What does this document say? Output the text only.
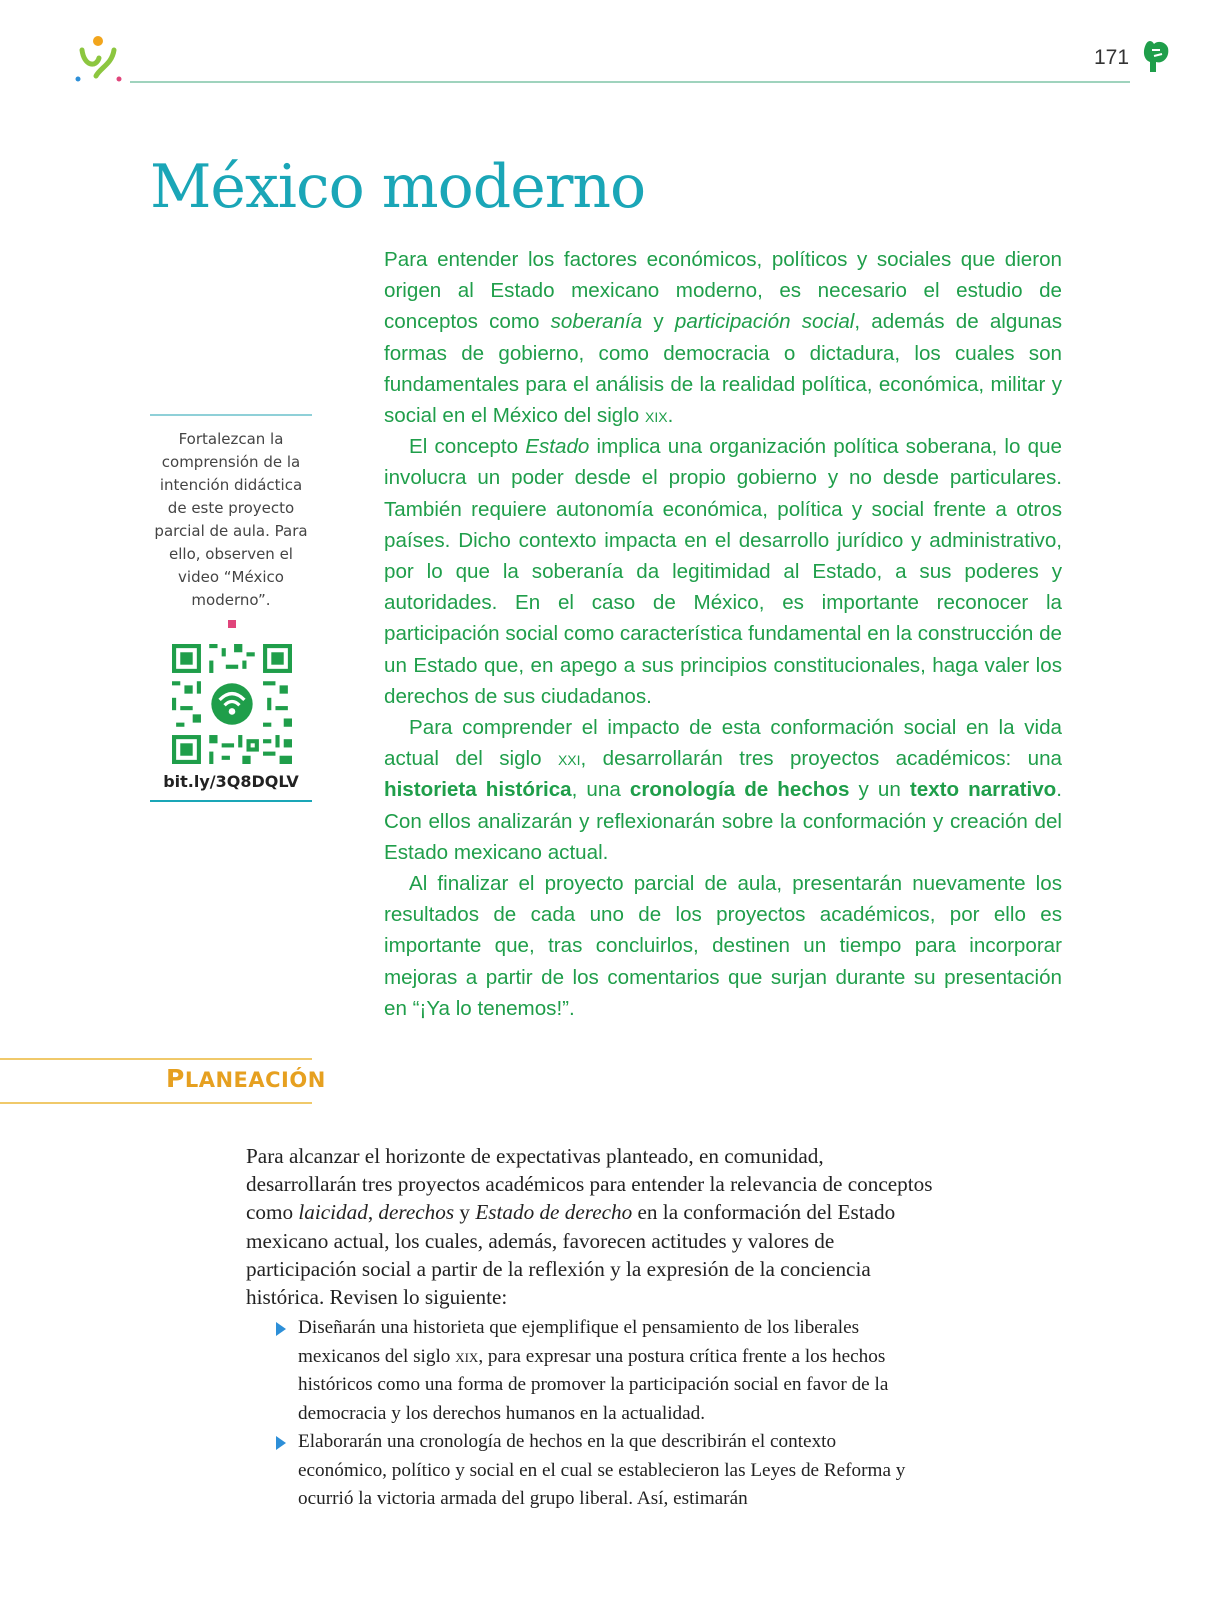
171
México moderno

Para entender los factores económicos, políticos y sociales que dieron origen al Estado mexicano moderno, es necesario el estudio de conceptos como soberanía y participación social, además de algunas formas de gobierno, como democracia o dictadura, los cuales son fundamentales para el análisis de la realidad política, económica, militar y social en el México del siglo xix.

El concepto Estado implica una organización política soberana, lo que involucra un poder desde el propio gobierno y no desde particulares. También requiere autonomía económica, política y social frente a otros países. Dicho contexto impacta en el desarrollo jurídico y administrativo, por lo que la soberanía da legitimidad al Estado, a sus poderes y autoridades. En el caso de México, es importante reconocer la participación social como característica fundamental en la construcción de un Estado que, en apego a sus principios constitucionales, haga valer los derechos de sus ciudadanos.

Para comprender el impacto de esta conformación social en la vida actual del siglo xxi, desarrollarán tres proyectos académicos: una historieta histórica, una cronología de hechos y un texto narrativo. Con ellos analizarán y reflexionarán sobre la conformación y creación del Estado mexicano actual.

Al finalizar el proyecto parcial de aula, presentarán nuevamente los resultados de cada uno de los proyectos académicos, por ello es importante que, tras concluirlos, destinen un tiempo para incorporar mejoras a partir de los comentarios que surjan durante su presentación en “¡Ya lo tenemos!”.

Fortalezcan la comprensión de la intención didáctica de este proyecto parcial de aula. Para ello, observen el video “México moderno”.

bit.ly/3Q8DQLV
PLANEACIÓN

Para alcanzar el horizonte de expectativas planteado, en comunidad, desarrollarán tres proyectos académicos para entender la relevancia de conceptos como laicidad, derechos y Estado de derecho en la conformación del Estado mexicano actual, los cuales, además, favorecen actitudes y valores de participación social a partir de la reflexión y la expresión de la conciencia histórica. Revisen lo siguiente:

Diseñarán una historieta que ejemplifique el pensamiento de los liberales mexicanos del siglo xix, para expresar una postura crítica frente a los hechos históricos como una forma de promover la participación social en favor de la democracia y los derechos humanos en la actualidad.
Elaborarán una cronología de hechos en la que describirán el contexto económico, político y social en el cual se establecieron las Leyes de Reforma y ocurrió la victoria armada del grupo liberal. Así, estimarán
